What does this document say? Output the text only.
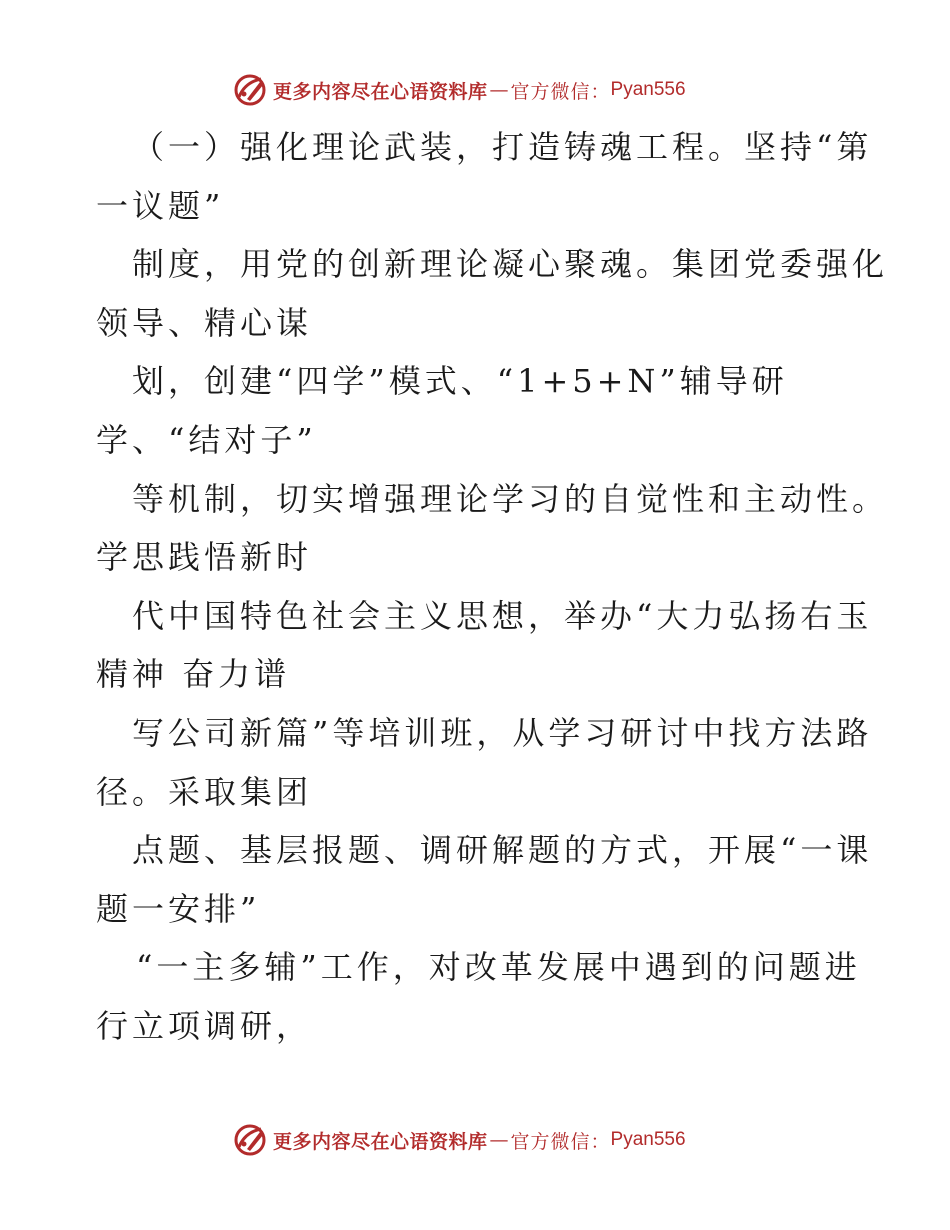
更多内容尽在心语资料库 — 官方微信： Pyan556
（一）强化理论武装，打造铸魂工程。坚持“第
一议题”
制度，用党的创新理论凝心聚魂。集团党委强化
领导、精心谋
划，创建“四学”模式、“1+5+N”辅导研
学、“结对子”
等机制，切实增强理论学习的自觉性和主动性。
学思践悟新时
代中国特色社会主义思想，举办“大力弘扬右玉
精神 奋力谱
写公司新篇”等培训班，从学习研讨中找方法路
径。采取集团
点题、基层报题、调研解题的方式，开展“一课
题一安排”
“一主多辅”工作，对改革发展中遇到的问题进
行立项调研，
更多内容尽在心语资料库 — 官方微信： Pyan556
